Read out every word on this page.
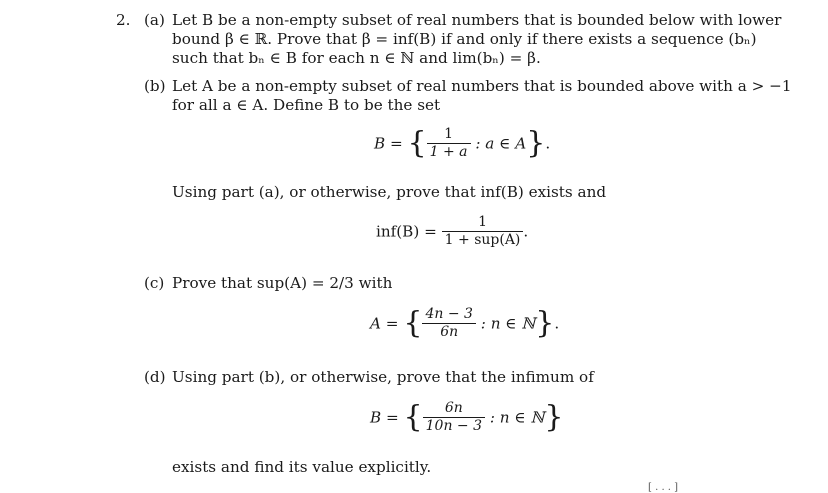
2. (a) Let B be a non-empty subset of real numbers that is bounded below with lower
bound β ∈ ℝ. Prove that β = inf(B) if and only if there exists a sequence (bₙ)
such that bₙ ∈ B for each n ∈ ℕ and lim(bₙ) = β.
(b) Let A be a non-empty subset of real numbers that is bounded above with a > −1
for all a ∈ A. Define B to be the set
B = { $\frac{1}{1 + a}$ : a ∈ A}.
Using part (a), or otherwise, prove that inf(B) exists and
$inf(B) = \frac{1}{\text{1 + sup(A)}}$ .
(c) Prove that sup(A) = 2/3 with
A = { $\frac{4n - 3}{6n}$ : n ∈ ℕ}.
(d) Using part (b), or otherwise, prove that the infimum of
B = { $\frac{6n}{10n - 3}$ : n ∈ ℕ}
exists and find its value explicitly.
[ . . . ]
